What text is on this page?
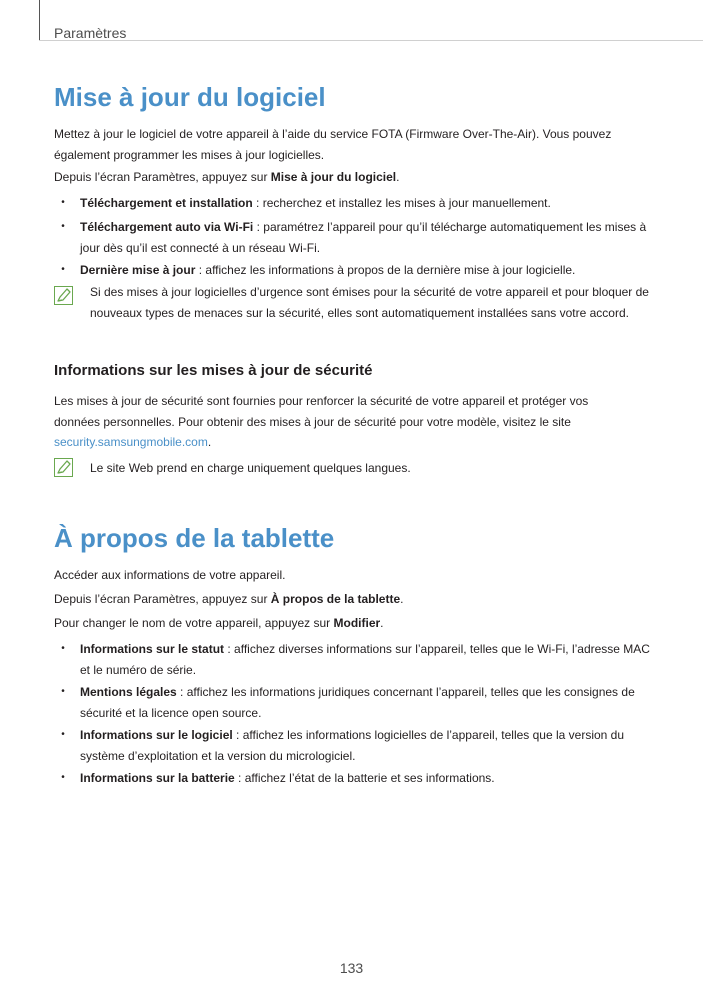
Paramètres
Mise à jour du logiciel

Mettez à jour le logiciel de votre appareil à l’aide du service FOTA (Firmware Over-The-Air). Vous pouvez également programmer les mises à jour logicielles.

Depuis l’écran Paramètres, appuyez sur Mise à jour du logiciel.

• Téléchargement et installation : recherchez et installez les mises à jour manuellement.
• Téléchargement auto via Wi-Fi : paramétrez l’appareil pour qu’il télécharge automatiquement les mises à jour dès qu’il est connecté à un réseau Wi-Fi.
• Dernière mise à jour : affichez les informations à propos de la dernière mise à jour logicielle.
Si des mises à jour logicielles d’urgence sont émises pour la sécurité de votre appareil et pour bloquer de nouveaux types de menaces sur la sécurité, elles sont automatiquement installées sans votre accord.
Informations sur les mises à jour de sécurité

Les mises à jour de sécurité sont fournies pour renforcer la sécurité de votre appareil et protéger vos données personnelles. Pour obtenir des mises à jour de sécurité pour votre modèle, visitez le site security.samsungmobile.com.

Le site Web prend en charge uniquement quelques langues.
À propos de la tablette

Accéder aux informations de votre appareil.

Depuis l’écran Paramètres, appuyez sur À propos de la tablette.

Pour changer le nom de votre appareil, appuyez sur Modifier.

• Informations sur le statut : affichez diverses informations sur l’appareil, telles que le Wi-Fi, l’adresse MAC et le numéro de série.
• Mentions légales : affichez les informations juridiques concernant l’appareil, telles que les consignes de sécurité et la licence open source.
• Informations sur le logiciel : affichez les informations logicielles de l’appareil, telles que la version du système d’exploitation et la version du micrologiciel.
• Informations sur la batterie : affichez l’état de la batterie et ses informations.
133
